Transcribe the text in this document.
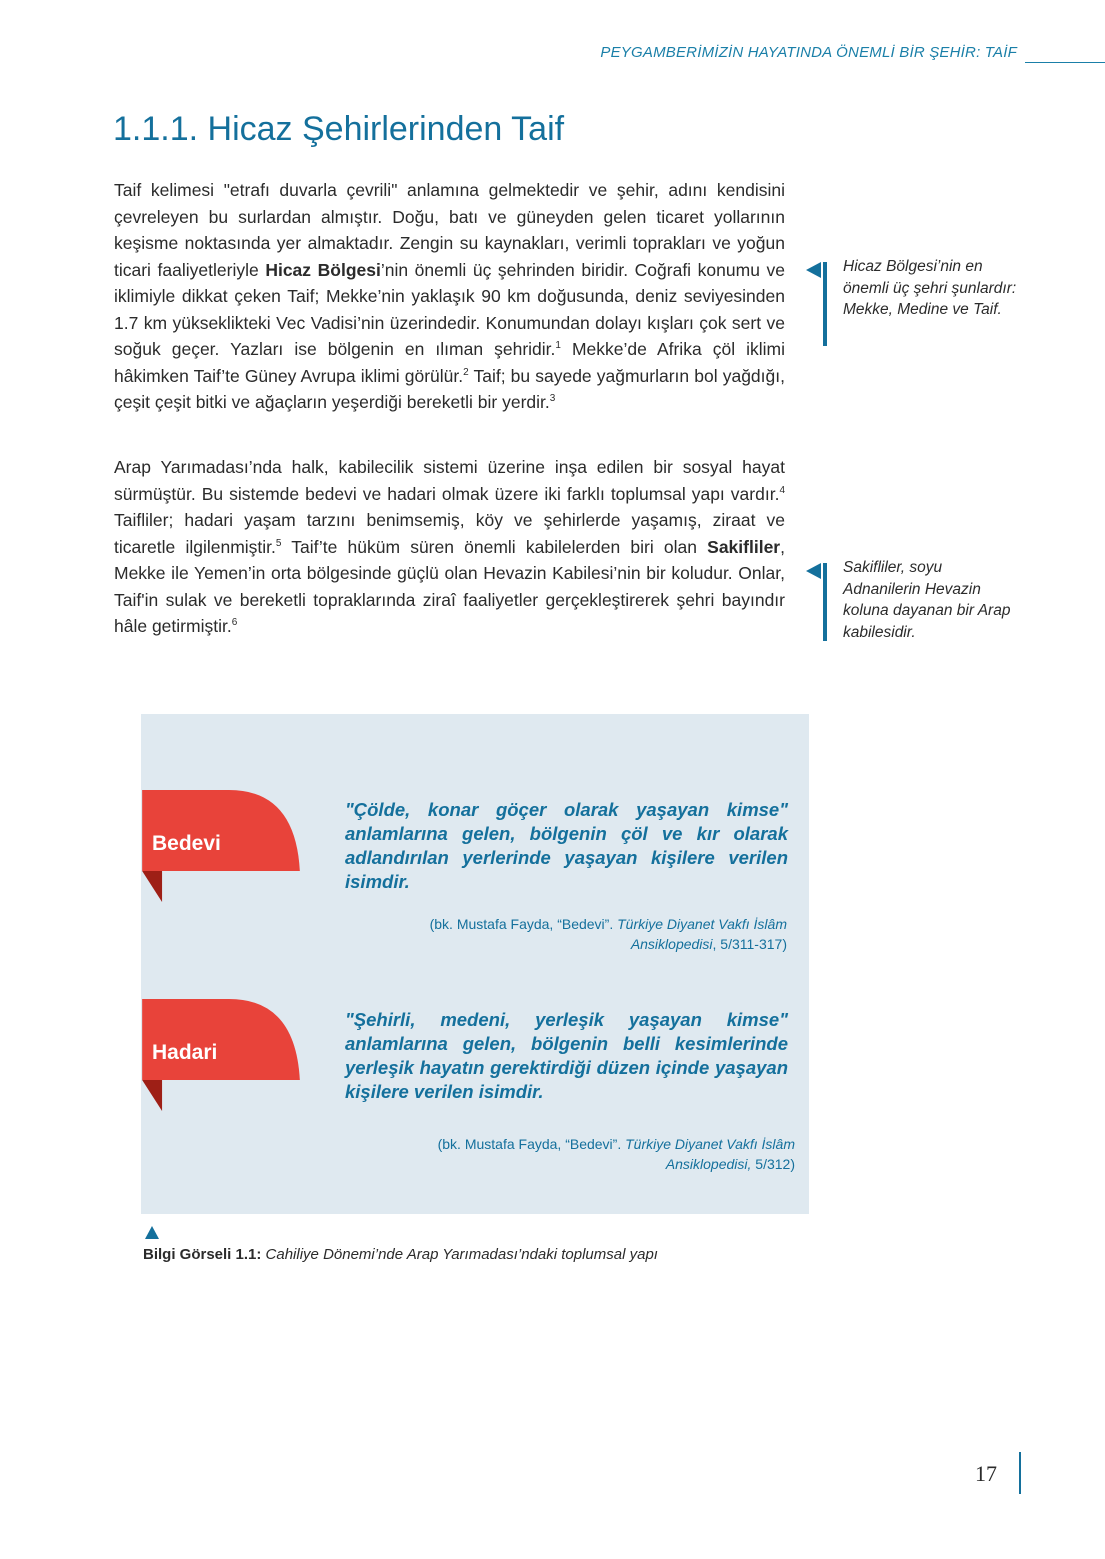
PEYGAMBERİMİZİN HAYATINDA ÖNEMLİ BİR ŞEHİR: TAİF
1.1.1. Hicaz Şehirlerinden Taif

Taif kelimesi "etrafı duvarla çevrili" anlamına gelmektedir ve şehir, adını kendisini çevreleyen bu surlardan almıştır. Doğu, batı ve güneyden gelen ticaret yollarının keşisme noktasında yer almaktadır. Zengin su kaynakları, verimli toprakları ve yoğun ticari faaliyetleriyle Hicaz Bölgesi’nin önemli üç şehrinden biridir. Coğrafi konumu ve iklimiyle dikkat çeken Taif; Mekke’nin yaklaşık 90 km doğusunda, deniz seviyesinden 1.7 km yükseklikteki Vec Vadisi’nin üzerindedir. Konumundan dolayı kışları çok sert ve soğuk geçer. Yazları ise bölgenin en ılıman şehridir.$^1$ Mekke’de Afrika çöl iklimi hâkimken Taif’te Güney Avrupa iklimi görülür.$^2$ Taif; bu sayede yağmurların bol yağdığı, çeşit çeşit bitki ve ağaçların yeşerdiği bereketli bir yerdir.$^3$

Arap Yarımadası’nda halk, kabilecilik sistemi üzerine inşa edilen bir sosyal hayat sürmüştür. Bu sistemde bedevi ve hadari olmak üzere iki farklı toplumsal yapı vardır.$^4$ Taifliler; hadari yaşam tarzını benimsemiş, köy ve şehirlerde yaşamış, ziraat ve ticaretle ilgilenmiştir.$^5$ Taif’te hüküm süren önemli kabilelerden biri olan Sakifliler, Mekke ile Yemen’in orta bölgesinde güçlü olan Hevazin Kabilesi’nin bir koludur. Onlar, Taif'in sulak ve bereketli topraklarında ziraî faaliyetler gerçekleştirerek şehri bayındır hâle getirmiştir.$^6$

Hicaz Bölgesi’nin en önemli üç şehri şunlardır: Mekke, Medine ve Taif.
Sakifliler, soyu Adnanilerin Hevazin koluna dayanan bir Arap kabilesidir.
Bedevi

"Çölde, konar göçer olarak yaşayan kimse" anlamlarına gelen, bölgenin çöl ve kır olarak adlandırılan yerlerinde yaşayan kişilere verilen isimdir.

(bk. Mustafa Fayda, “Bedevi”. Türkiye Diyanet Vakfı İslâm Ansiklopedisi, 5/311-317)
Hadari

"Şehirli, medeni, yerleşik yaşayan kimse" anlamlarına gelen, bölgenin belli kesimlerinde yerleşik hayatın gerektirdiği düzen içinde yaşayan kişilere verilen isimdir.

(bk. Mustafa Fayda, “Bedevi”. Türkiye Diyanet Vakfı İslâm Ansiklopedisi, 5/312)
Bilgi Görseli 1.1: Cahiliye Dönemi’nde Arap Yarımadası’ndaki toplumsal yapı
17
